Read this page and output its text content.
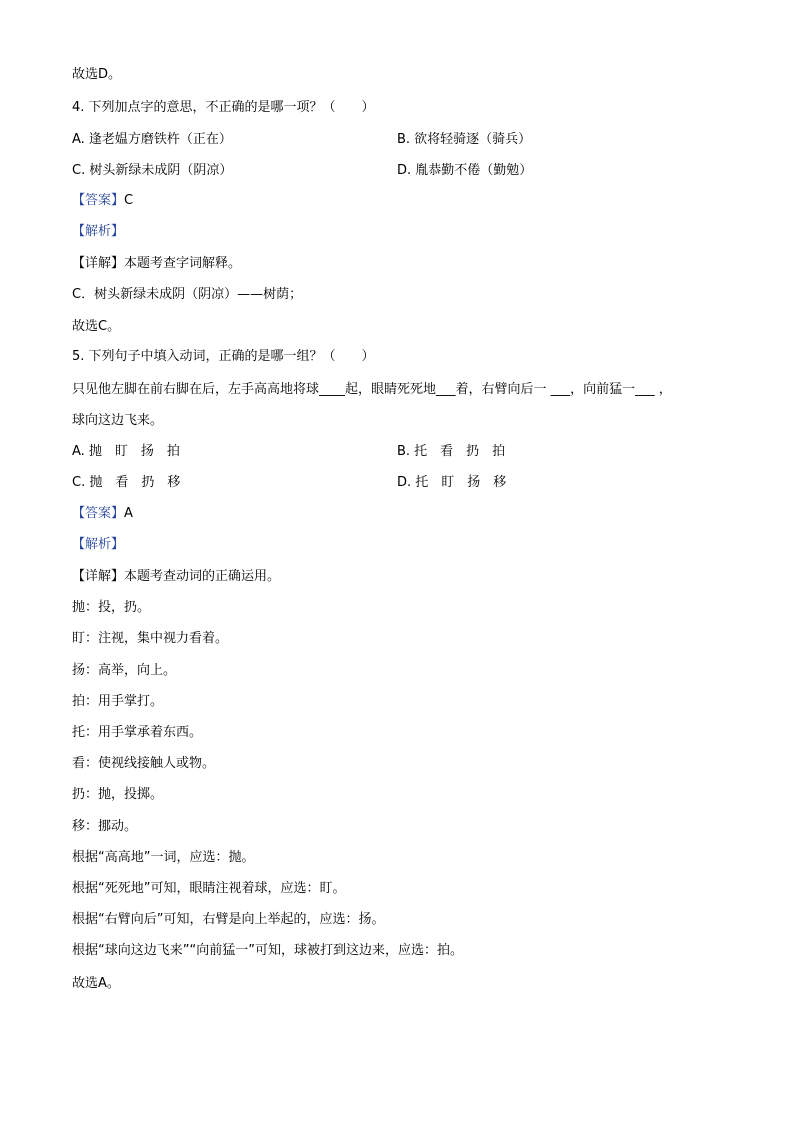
故选D。
4. 下列加点字的意思，不正确的是哪一项？（　　）
A. 逢老媪方磨铁杵（正在）	B. 欲将轻骑逐（骑兵）
C. 树头新绿未成阴（阴凉）	D. 胤恭勤不倦（勤勉）
【答案】C
【解析】
【详解】本题考查字词解释。
C．树头新绿未成阴（阴凉）——树荫；
故选C。
5. 下列句子中填入动词，正确的是哪一组？（　　）
只见他左脚在前右脚在后，左手高高地将球____起，眼睛死死地___着，右臂向后一 ___，向前猛一___ ，
球向这边飞来。
A. 抛　盯　扬　拍	B. 托　看　扔　拍
C. 抛　看　扔　移	D. 托　盯　扬　移
【答案】A
【解析】
【详解】本题考查动词的正确运用。
抛：投，扔。
盯：注视，集中视力看着。
扬：高举，向上。
拍：用手掌打。
托：用手掌承着东西。
看：使视线接触人或物。
扔：抛，投掷。
移：挪动。
根据“高高地”一词，应选：抛。
根据“死死地”可知，眼睛注视着球，应选：盯。
根据“右臂向后”可知，右臂是向上举起的，应选：扬。
根据“球向这边飞来”“向前猛一”可知，球被打到这边来，应选：拍。
故选A。
